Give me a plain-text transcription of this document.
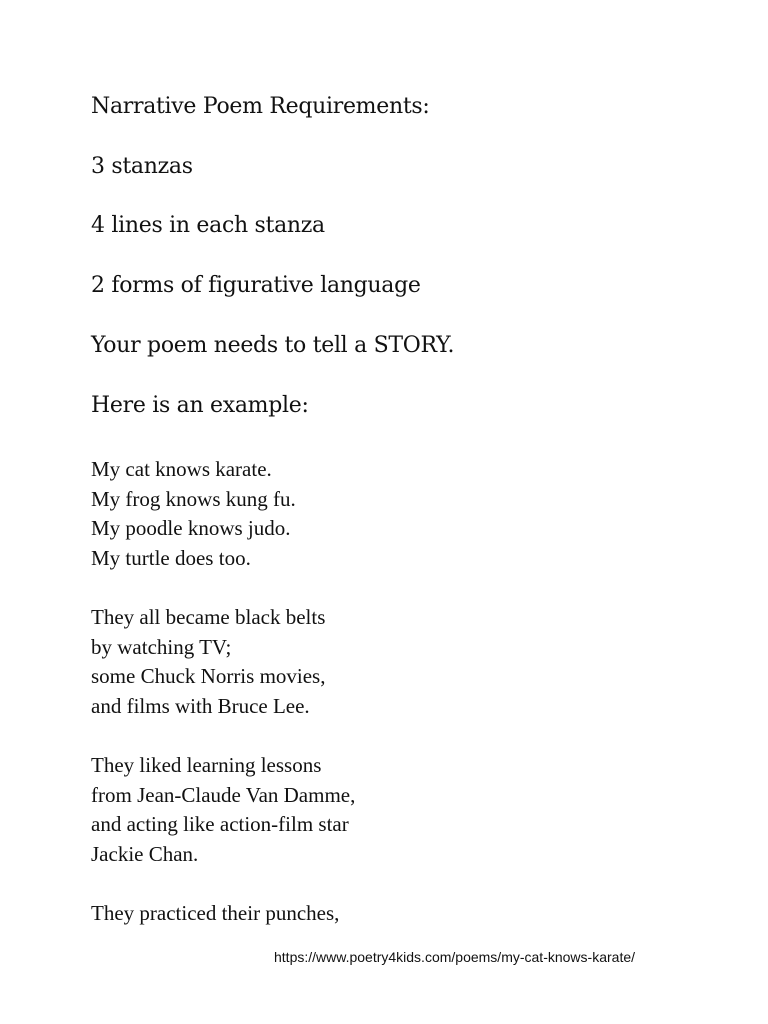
Narrative Poem Requirements:

3 stanzas

4 lines in each stanza

2 forms of figurative language

Your poem needs to tell a STORY.

Here is an example:

My cat knows karate.
My frog knows kung fu.
My poodle knows judo.
My turtle does too.
They all became black belts
by watching TV;
some Chuck Norris movies,
and films with Bruce Lee.
They liked learning lessons
from Jean-Claude Van Damme,
and acting like action-film star
Jackie Chan.
They practiced their punches,
https://www.poetry4kids.com/poems/my-cat-knows-karate/
